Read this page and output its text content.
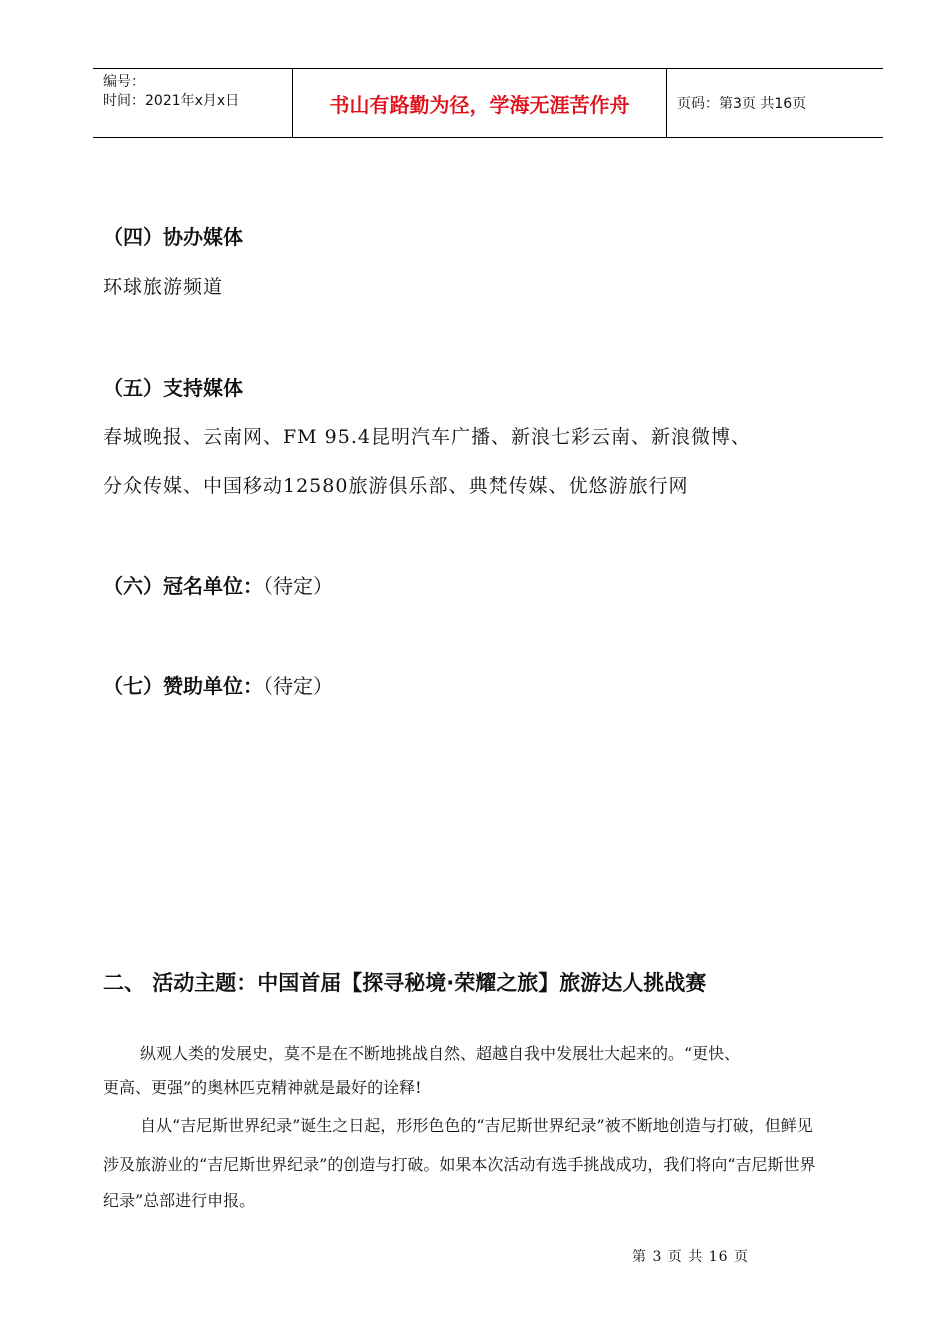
编号：
时间：2021年x月x日	书山有路勤为径，学海无涯苦作舟	页码：第3页 共16页
（四）协办媒体
环球旅游频道
（五）支持媒体
春城晚报、云南网、FM 95.4昆明汽车广播、新浪七彩云南、新浪微博、
分众传媒、中国移动12580旅游俱乐部、典梵传媒、优悠游旅行网
（六）冠名单位：（待定）
（七）赞助单位：（待定）
二、 活动主题：中国首届【探寻秘境·荣耀之旅】旅游达人挑战赛
纵观人类的发展史，莫不是在不断地挑战自然、超越自我中发展壮大起来的。“更快、
更高、更强”的奥林匹克精神就是最好的诠释!
自从“吉尼斯世界纪录”诞生之日起，形形色色的“吉尼斯世界纪录”被不断地创造与打破，但鲜见
涉及旅游业的“吉尼斯世界纪录”的创造与打破。如果本次活动有选手挑战成功，我们将向“吉尼斯世界
纪录”总部进行申报。
第 3 页 共 16 页
